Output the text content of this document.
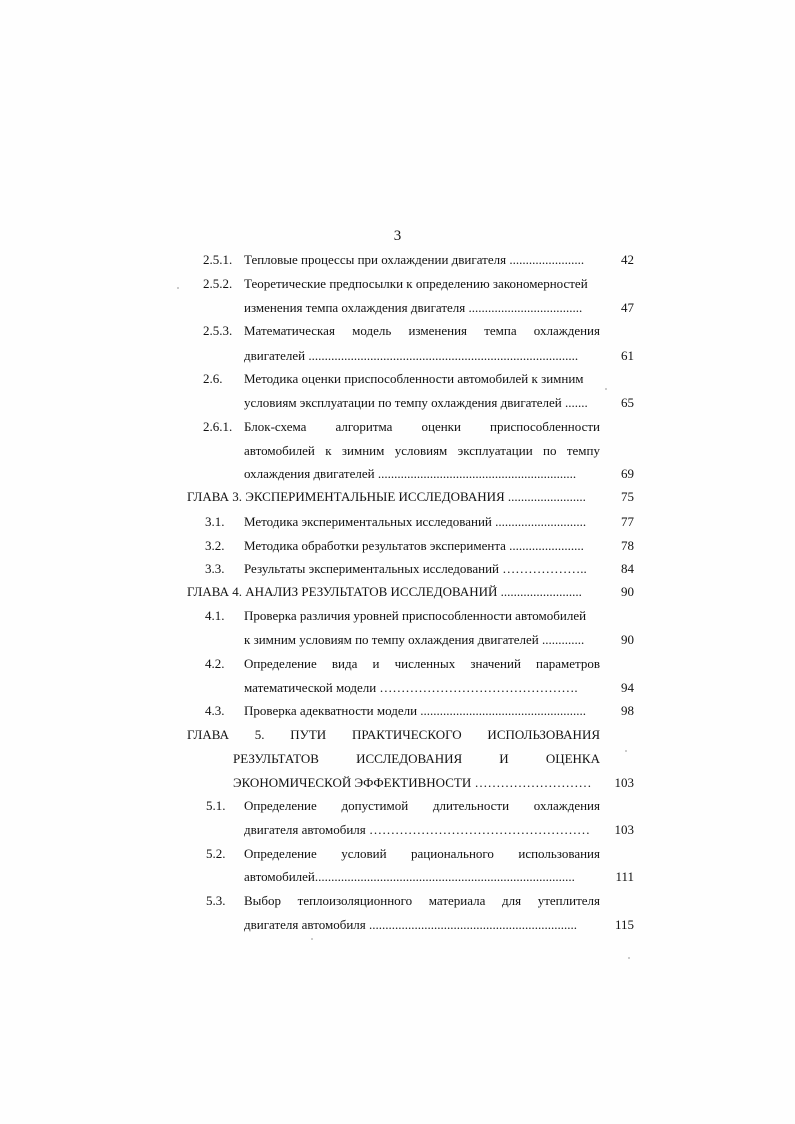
3
2.5.1. Тепловые процессы при охлаждении двигателя .......................	42
2.5.2. Теоретические предпосылки к определению закономерностей
изменения темпа охлаждения двигателя ...................................	47
2.5.3. Математическая модель изменения темпа охлаждения
двигателей ...................................................................................	61
2.6. Методика оценки приспособленности автомобилей к зимним
условиям эксплуатации по темпу охлаждения двигателей .......	65
2.6.1. Блок-схема алгоритма оценки приспособленности
автомобилей к зимним условиям эксплуатации по темпу
охлаждения двигателей .............................................................	69
ГЛАВА 3. ЭКСПЕРИМЕНТАЛЬНЫЕ ИССЛЕДОВАНИЯ ........................	75
3.1. Методика экспериментальных исследований ............................	77
3.2. Методика обработки результатов эксперимента .......................	78
3.3. Результаты экспериментальных исследований ………………..	84
ГЛАВА 4. АНАЛИЗ РЕЗУЛЬТАТОВ ИССЛЕДОВАНИЙ .........................	90
4.1. Проверка различия уровней приспособленности автомобилей
к зимним условиям по темпу охлаждения двигателей .............	90
4.2. Определение вида и численных значений параметров
математической модели ……………………………………….	94
4.3. Проверка адекватности модели ...................................................	98
ГЛАВА 5. ПУТИ ПРАКТИЧЕСКОГО ИСПОЛЬЗОВАНИЯ
РЕЗУЛЬТАТОВ ИССЛЕДОВАНИЯ И ОЦЕНКА
ЭКОНОМИЧЕСКОЙ ЭФФЕКТИВНОСТИ ………………………	103
5.1. Определение допустимой длительности охлаждения
двигателя автомобиля ……………………………………………	103
5.2. Определение условий рационального использования
автомобилей................................................................................	111
5.3. Выбор теплоизоляционного материала для утеплителя
двигателя автомобиля ................................................................	115
